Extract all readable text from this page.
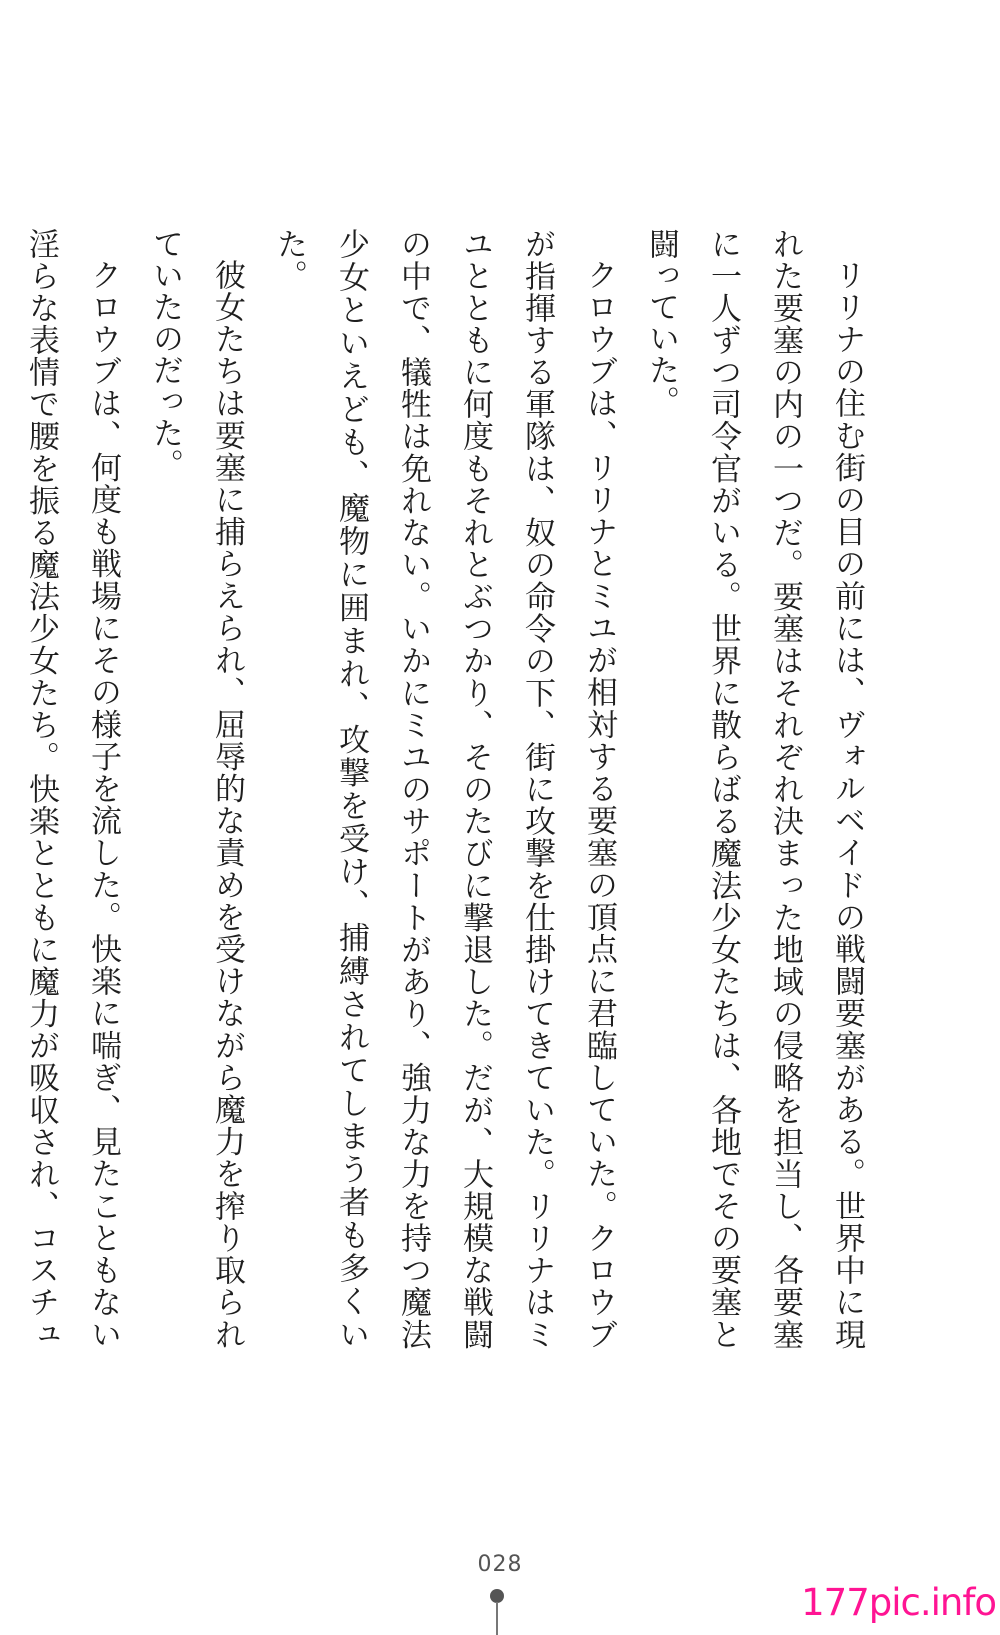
リリナの住む街の目の前には、ヴォルベイドの戦闘要塞がある。世界中に現れた要塞の内の一つだ。要塞はそれぞれ決まった地域の侵略を担当し、各要塞に一人ずつ司令官がいる。世界に散らばる魔法少女たちは、各地でその要塞と闘っていた。

クロウブは、リリナとミユが相対する要塞の頂点に君臨していた。クロウブが指揮する軍隊は、奴の命令の下、街に攻撃を仕掛けてきていた。リリナはミユとともに何度もそれとぶつかり、そのたびに撃退した。だが、大規模な戦闘の中で、犠牲は免れない。いかにミユのサポートがあり、強力な力を持つ魔法少女といえども、魔物に囲まれ、攻撃を受け、捕縛されてしまう者も多くいた。

彼女たちは要塞に捕らえられ、屈辱的な責めを受けながら魔力を搾り取られていたのだった。

クロウブは、何度も戦場にその様子を流した。快楽に喘ぎ、見たこともない淫らな表情で腰を振る魔法少女たち。快楽とともに魔力が吸収され、コスチュ

028
177pic.info
